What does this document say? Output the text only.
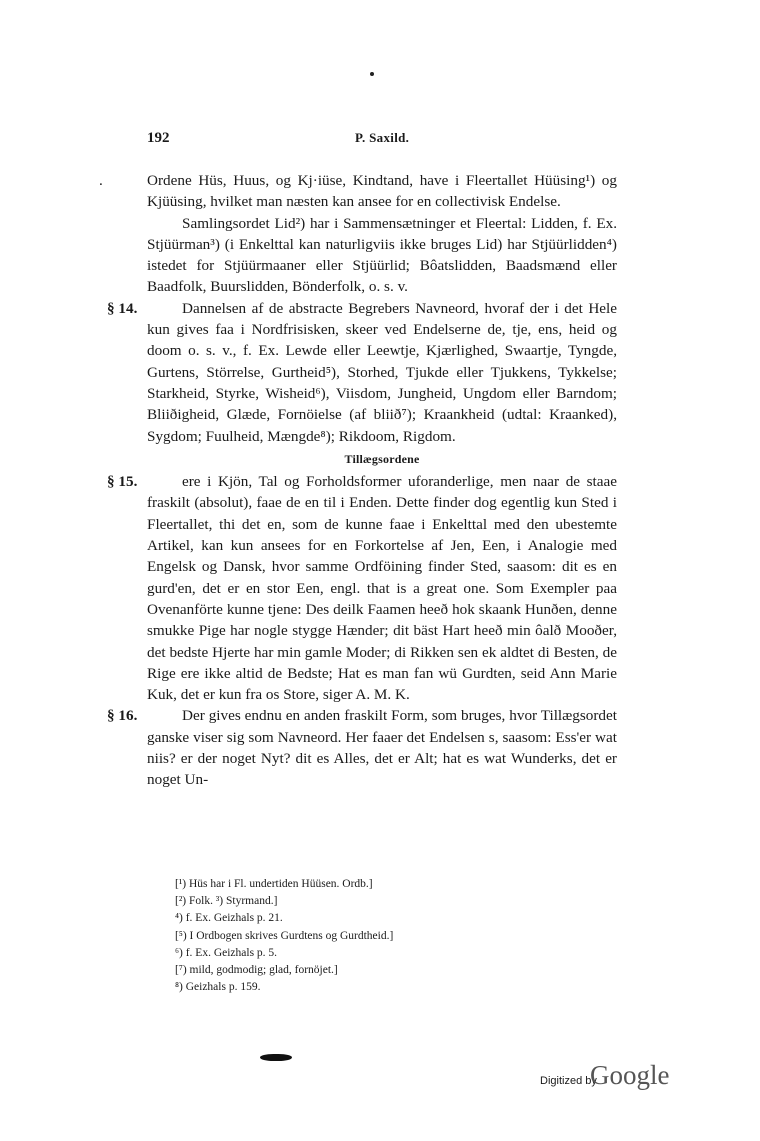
192	P. Saxild.

.	Ordene Hüs, Huus, og Kj·iüse, Kindtand, have i Fleertallet Hüüsing¹) og Kjüüsing, hvilket man næsten kan ansee for en collectivisk Endelse.

Samlingsordet Lid²) har i Sammensætninger et Fleertal: Lidden, f. Ex. Stjüürman³) (i Enkelttal kan naturligviis ikke bruges Lid) har Stjüürlidden⁴) istedet for Stjüürmaaner eller Stjüürlid; Bôatslidden, Baadsmænd eller Baadfolk, Buurslidden, Bönderfolk, o. s. v.

§ 14.	Dannelsen af de abstracte Begrebers Navneord, hvoraf der i det Hele kun gives faa i Nordfrisisken, skeer ved Endelserne de, tje, ens, heid og doom o. s. v., f. Ex. Lewde eller Leewtje, Kjærlighed, Swaartje, Tyngde, Gurtens, Störrelse, Gurtheid⁵), Storhed, Tjukde eller Tjukkens, Tykkelse; Starkheid, Styrke, Wisheid⁶), Viisdom, Jungheid, Ungdom eller Barndom; Bliiðigheid, Glæde, Fornöielse (af bliið⁷); Kraankheid (udtal: Kraanked), Sygdom; Fuulheid, Mængde⁸); Rikdoom, Rigdom.

Tillægsordene

§ 15.	ere i Kjön, Tal og Forholdsformer uforanderlige, men naar de staae fraskilt (absolut), faae de en til i Enden. Dette finder dog egentlig kun Sted i Fleertallet, thi det en, som de kunne faae i Enkelttal med den ubestemte Artikel, kan kun ansees for en Forkortelse af Jen, Een, i Analogie med Engelsk og Dansk, hvor samme Ordföining finder Sted, saasom: dit es en gurd'en, det er en stor Een, engl. that is a great one. Som Exempler paa Ovenanförte kunne tjene: Des deilk Faamen heeð hok skaank Hunðen, denne smukke Pige har nogle stygge Hænder; dit bäst Hart heeð min ôalð Mooðer, det bedste Hjerte har min gamle Moder; di Rikken sen ek aldtet di Besten, de Rige ere ikke altid de Bedste; Hat es man fan wü Gurdten, seid Ann Marie Kuk, det er kun fra os Store, siger A. M. K.

§ 16.	Der gives endnu en anden fraskilt Form, som bruges, hvor Tillægsordet ganske viser sig som Navneord. Her faaer det Endelsen s, saasom: Ess'er wat niis? er der noget Nyt? dit es Alles, det er Alt; hat es wat Wunderks, det er noget Un-

[¹) Hüs har i Fl. undertiden Hüüsen. Ordb.]
[²) Folk. ³) Styrmand.]
⁴) f. Ex. Geizhals p. 21.
[⁵) I Ordbogen skrives Gurdtens og Gurdtheid.]
⁶) f. Ex. Geizhals p. 5.
[⁷) mild, godmodig; glad, fornöjet.]
⁸) Geizhals p. 159.
Digitized by
Google
